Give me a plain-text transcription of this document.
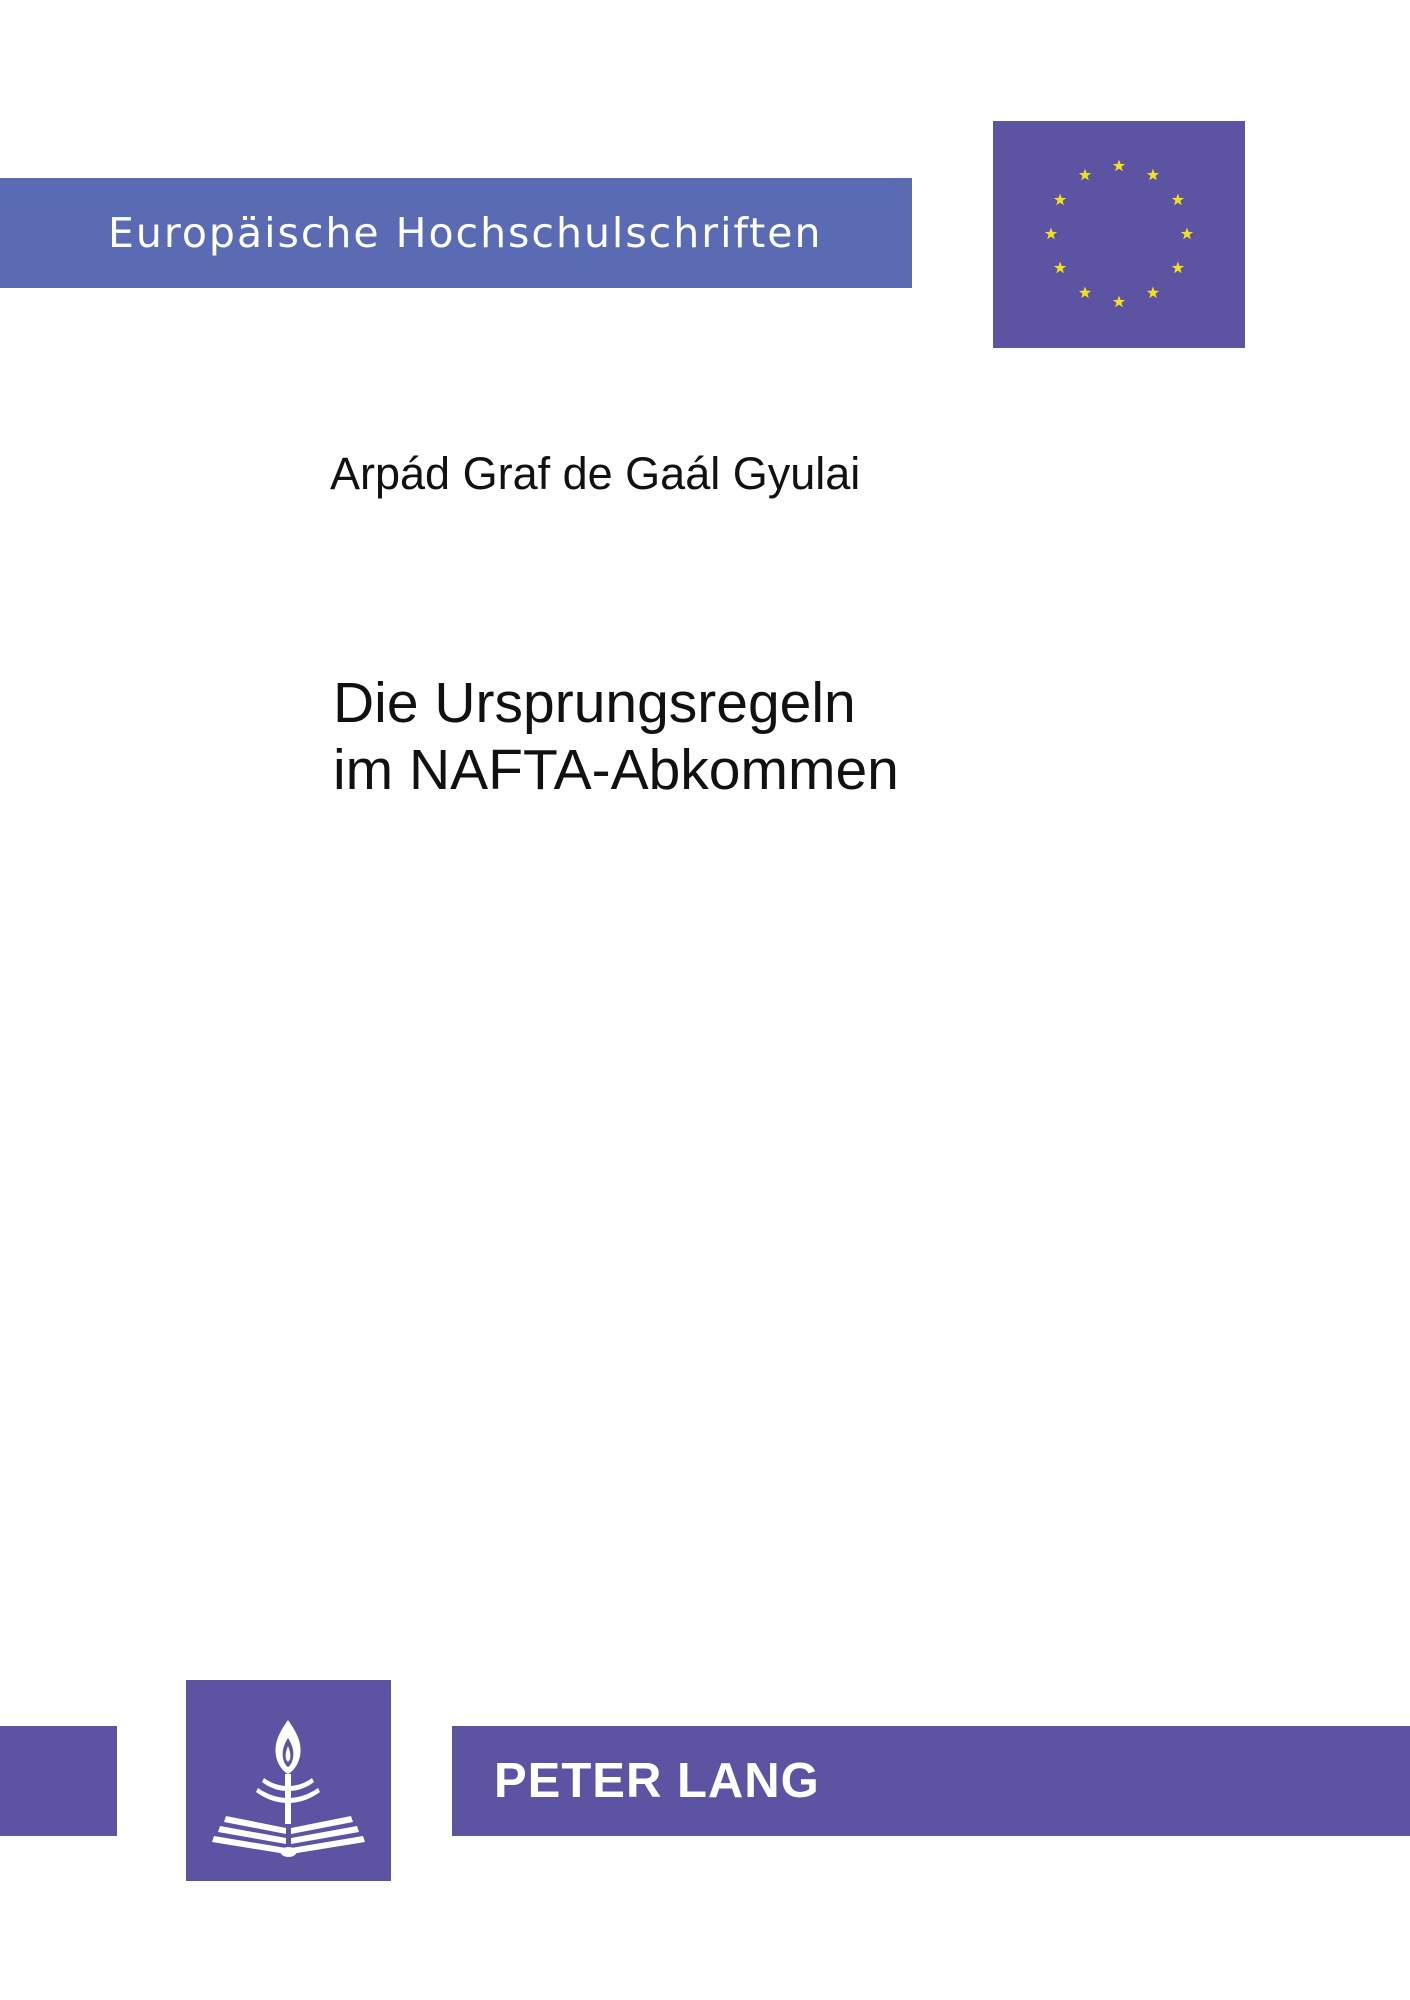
Europäische Hochschulschriften
Arpád Graf de Gaál Gyulai
Die Ursprungsregeln
im NAFTA-Abkommen
PETER LANG
